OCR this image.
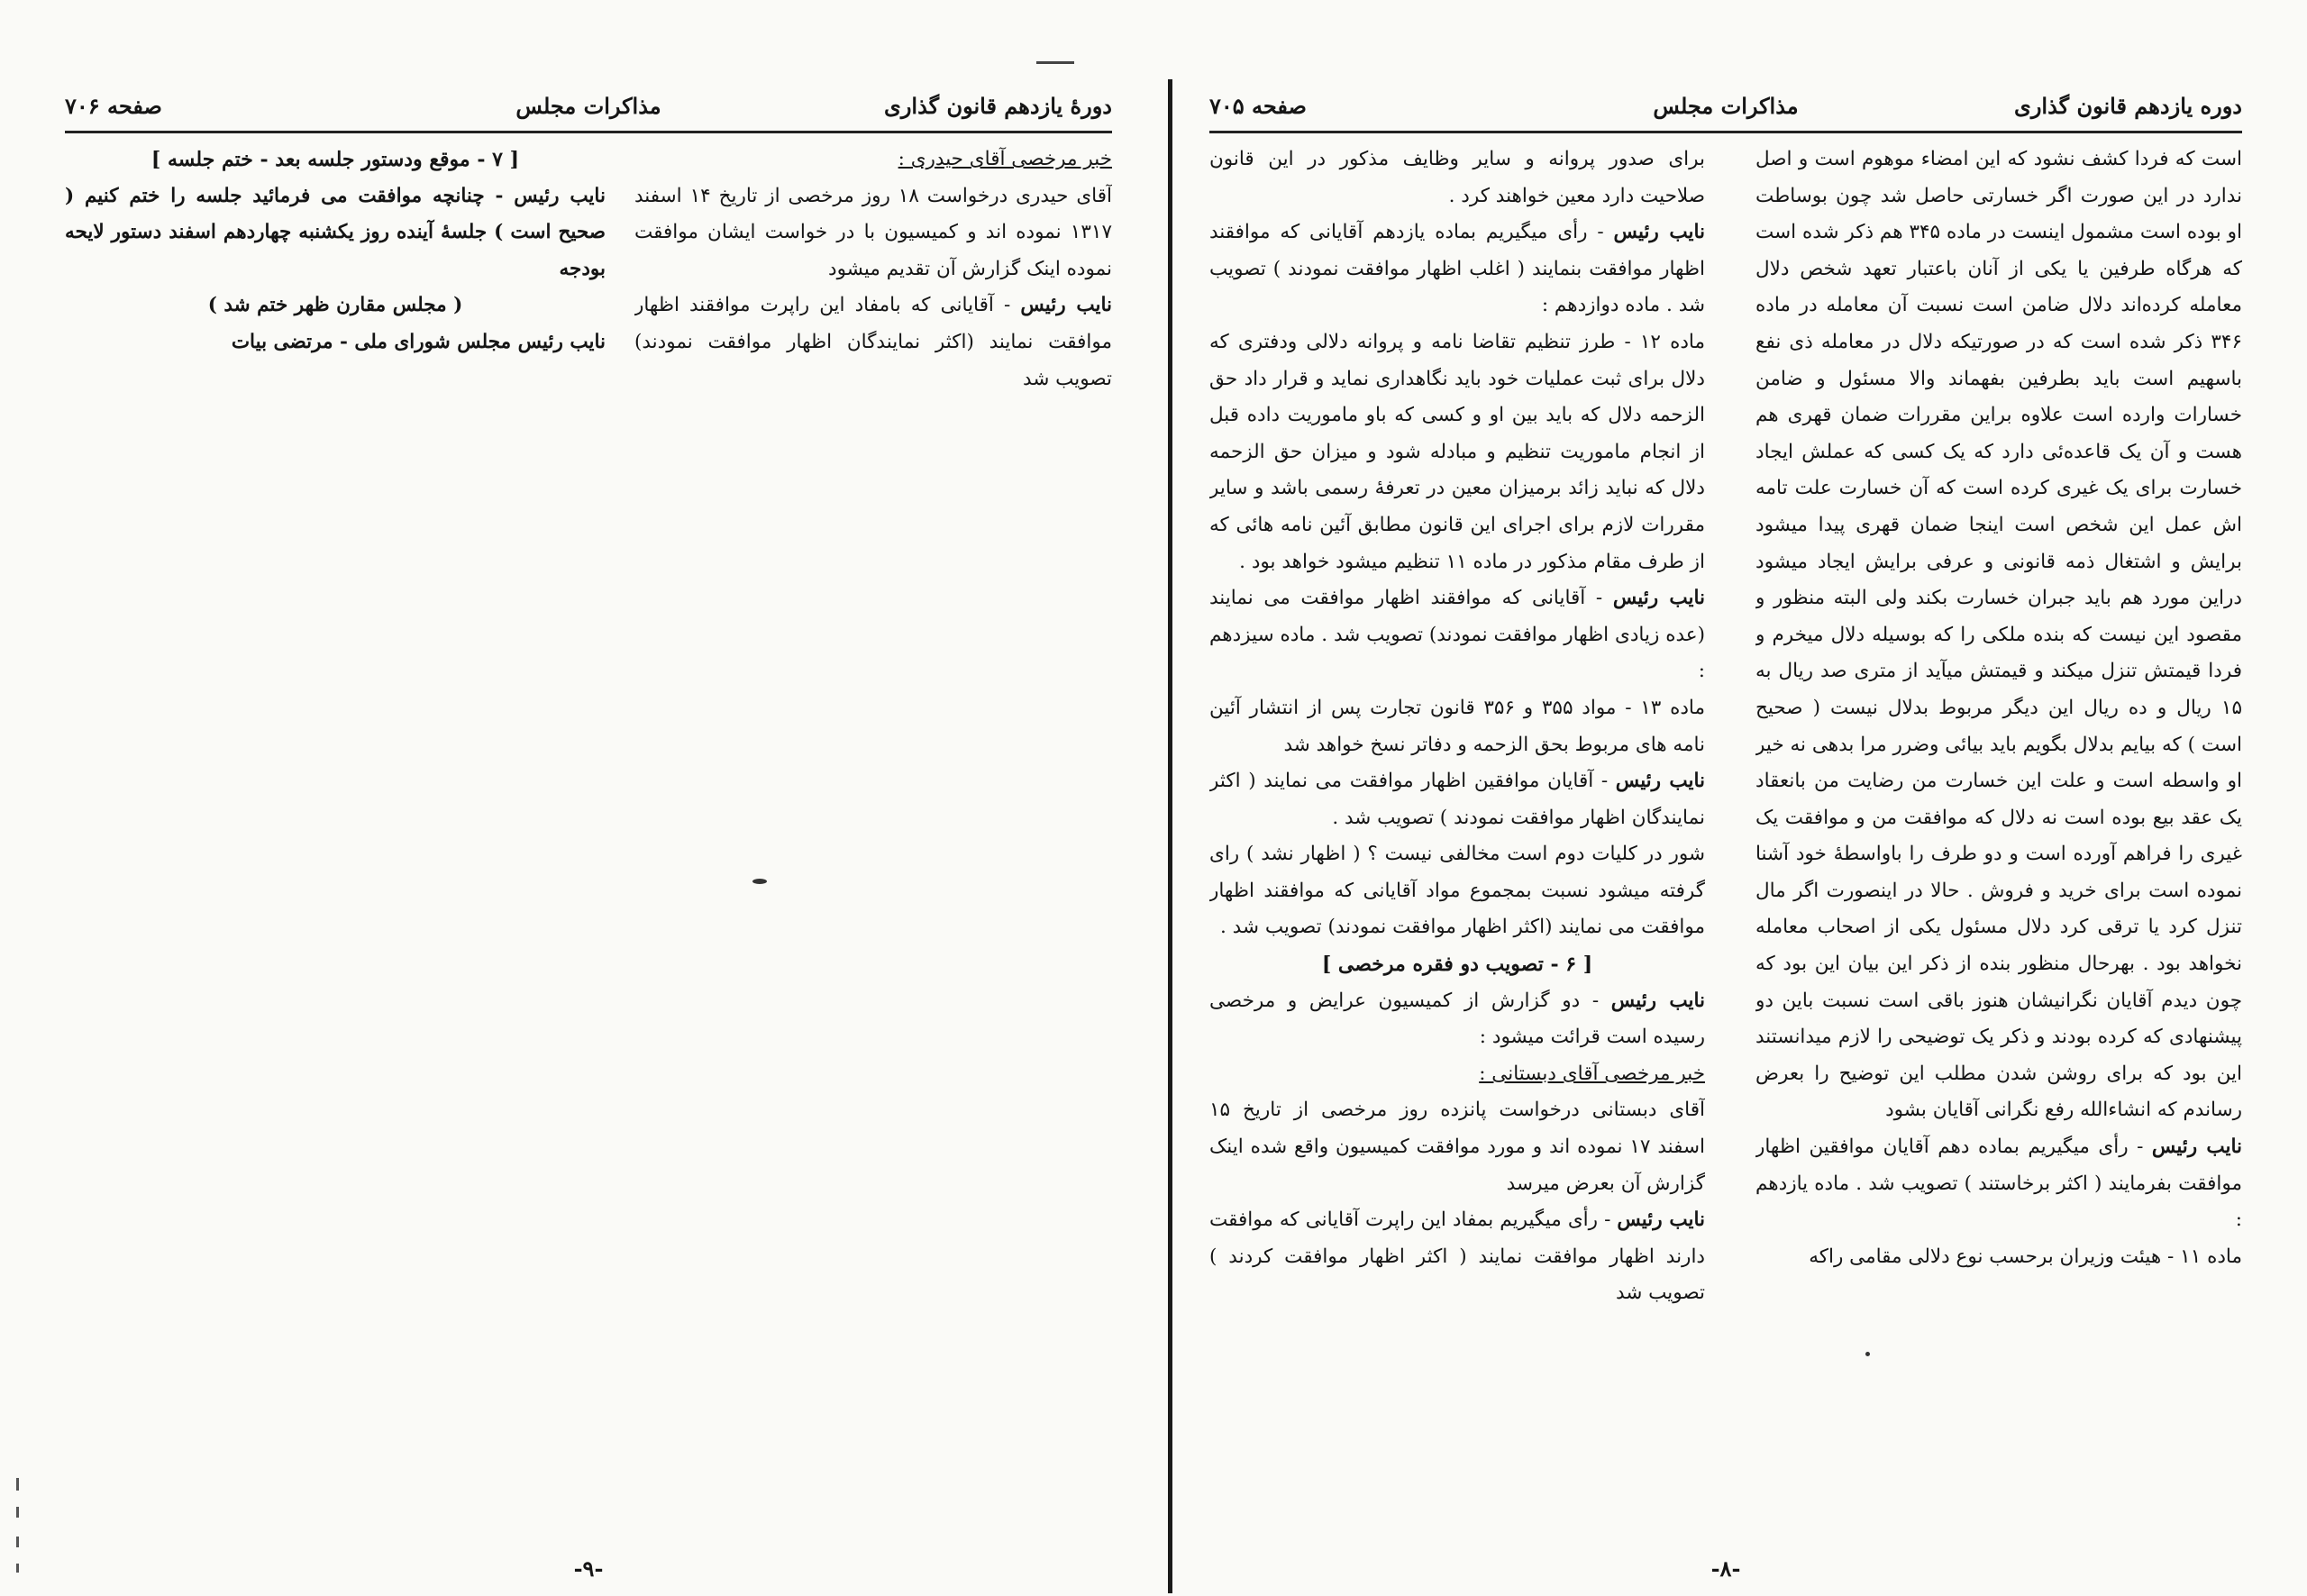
دورهٔ یازدهم قانون گذاری
مذاکرات مجلس
صفحه ۷۰۶

خبر مرخصی آقای حیدری :

آقای حیدری درخواست ۱۸ روز مرخصی از تاریخ ۱۴ اسفند ۱۳۱۷ نموده اند و کمیسیون با در خواست ایشان موافقت نموده اینک گزارش آن تقدیم میشود

نایب رئیس - آقایانی که بامفاد این راپرت موافقند اظهار موافقت نمایند (اکثر نمایندگان اظهار موافقت نمودند) تصویب شد

[ ۷ - موقع ودستور جلسه بعد - ختم جلسه ]

نایب رئیس - چنانچه موافقت می فرمائید جلسه را ختم کنیم ( صحیح است ) جلسهٔ آینده روز یکشنبه چهاردهم اسفند دستور لایحه بودجه

( مجلس مقارن ظهر ختم شد )

نایب رئیس مجلس شورای ملی - مرتضی بیات

-۹-
دوره یازدهم قانون گذاری
مذاکرات مجلس
صفحه ۷۰۵

است که فردا کشف نشود که این امضاء موهوم است و اصل ندارد در این صورت اگر خسارتی حاصل شد چون بوساطت او بوده است مشمول اینست در ماده ۳۴۵ هم ذکر شده است که هرگاه طرفین یا یکی از آنان باعتبار تعهد شخص دلال معامله کرده‌اند دلال ضامن است نسبت آن معامله در ماده ۳۴۶ ذکر شده است که در صورتیکه دلال در معامله ذی نفع باسهیم است باید بطرفین بفهماند والا مسئول و ضامن خسارات وارده است علاوه براین مقررات ضمان قهری هم هست و آن یک قاعده‌ئی دارد که یک کسی که عملش ایجاد خسارت برای یک غیری کرده است که آن خسارت علت تامه اش عمل این شخص است اینجا ضمان قهری پیدا میشود برایش و اشتغال ذمه قانونی و عرفی برایش ایجاد میشود دراین مورد هم باید جبران خسارت بکند ولی البته منظور و مقصود این نیست که بنده ملکی را که بوسیله دلال میخرم و فردا قیمتش تنزل میکند و قیمتش میآید از متری صد ریال به ۱۵ ریال و ده ریال این دیگر مربوط بدلال نیست ( صحیح است ) که بیایم بدلال بگویم باید بیائی وضرر مرا بدهی نه خیر او واسطه است و علت این خسارت من رضایت من بانعقاد یک عقد بیع بوده است نه دلال که موافقت من و موافقت یک غیری را فراهم آورده است و دو طرف را باواسطهٔ خود آشنا نموده است برای خرید و فروش . حالا در اینصورت اگر مال تنزل کرد یا ترقی کرد دلال مسئول یکی از اصحاب معامله نخواهد بود . بهرحال منظور بنده از ذکر این بیان این بود که چون دیدم آقایان نگرانیشان هنوز باقی است نسبت باین دو پیشنهادی که کرده بودند و ذکر یک توضیحی را لازم میدانستند این بود که برای روشن شدن مطلب این توضیح را بعرض رساندم که انشاءالله رفع نگرانی آقایان بشود

نایب رئیس - رأی میگیریم بماده دهم آقایان موافقین اظهار موافقت بفرمایند ( اکثر برخاستند ) تصویب شد . ماده یازدهم :

ماده ۱۱ - هیئت وزیران برحسب نوع دلالی مقامی راکه

برای صدور پروانه و سایر وظایف مذکور در این قانون صلاحیت دارد معین خواهند کرد .

نایب رئیس - رأی میگیریم بماده یازدهم آقایانی که موافقند اظهار موافقت بنمایند ( اغلب اظهار موافقت نمودند ) تصویب شد . ماده دوازدهم :

ماده ۱۲ - طرز تنظیم تقاضا نامه و پروانه دلالی ودفتری که دلال برای ثبت عملیات خود باید نگاهداری نماید و قرار داد حق الزحمه دلال که باید بین او و کسی که باو ماموریت داده قبل از انجام ماموریت تنظیم و مبادله شود و میزان حق الزحمه دلال که نباید زائد برمیزان معین در تعرفهٔ رسمی باشد و سایر مقررات لازم برای اجرای این قانون مطابق آئین نامه هائی که از طرف مقام مذکور در ماده ۱۱ تنظیم میشود خواهد بود .

نایب رئیس - آقایانی که موافقند اظهار موافقت می نمایند (عده زیادی اظهار موافقت نمودند) تصویب شد . ماده سیزدهم :

ماده ۱۳ - مواد ۳۵۵ و ۳۵۶ قانون تجارت پس از انتشار آئین نامه های مربوط بحق الزحمه و دفاتر نسخ خواهد شد

نایب رئیس - آقایان موافقین اظهار موافقت می نمایند ( اکثر نمایندگان اظهار موافقت نمودند ) تصویب شد .

شور در کلیات دوم است مخالفی نیست ؟ ( اظهار نشد ) رای گرفته میشود نسبت بمجموع مواد آقایانی که موافقند اظهار موافقت می نمایند (اکثر اظهار موافقت نمودند) تصویب شد .

[ ۶ - تصویب دو فقره مرخصی ]

نایب رئیس - دو گزارش از کمیسیون عرایض و مرخصی رسیده است قرائت میشود :

خبر مرخصی آقای دبستانی :

آقای دبستانی درخواست پانزده روز مرخصی از تاریخ ۱۵ اسفند ۱۷ نموده اند و مورد موافقت کمیسیون واقع شده اینک گزارش آن بعرض میرسد

نایب رئیس - رأی میگیریم بمفاد این راپرت آقایانی که موافقت دارند اظهار موافقت نمایند ( اکثر اظهار موافقت کردند ) تصویب شد

-۸-
